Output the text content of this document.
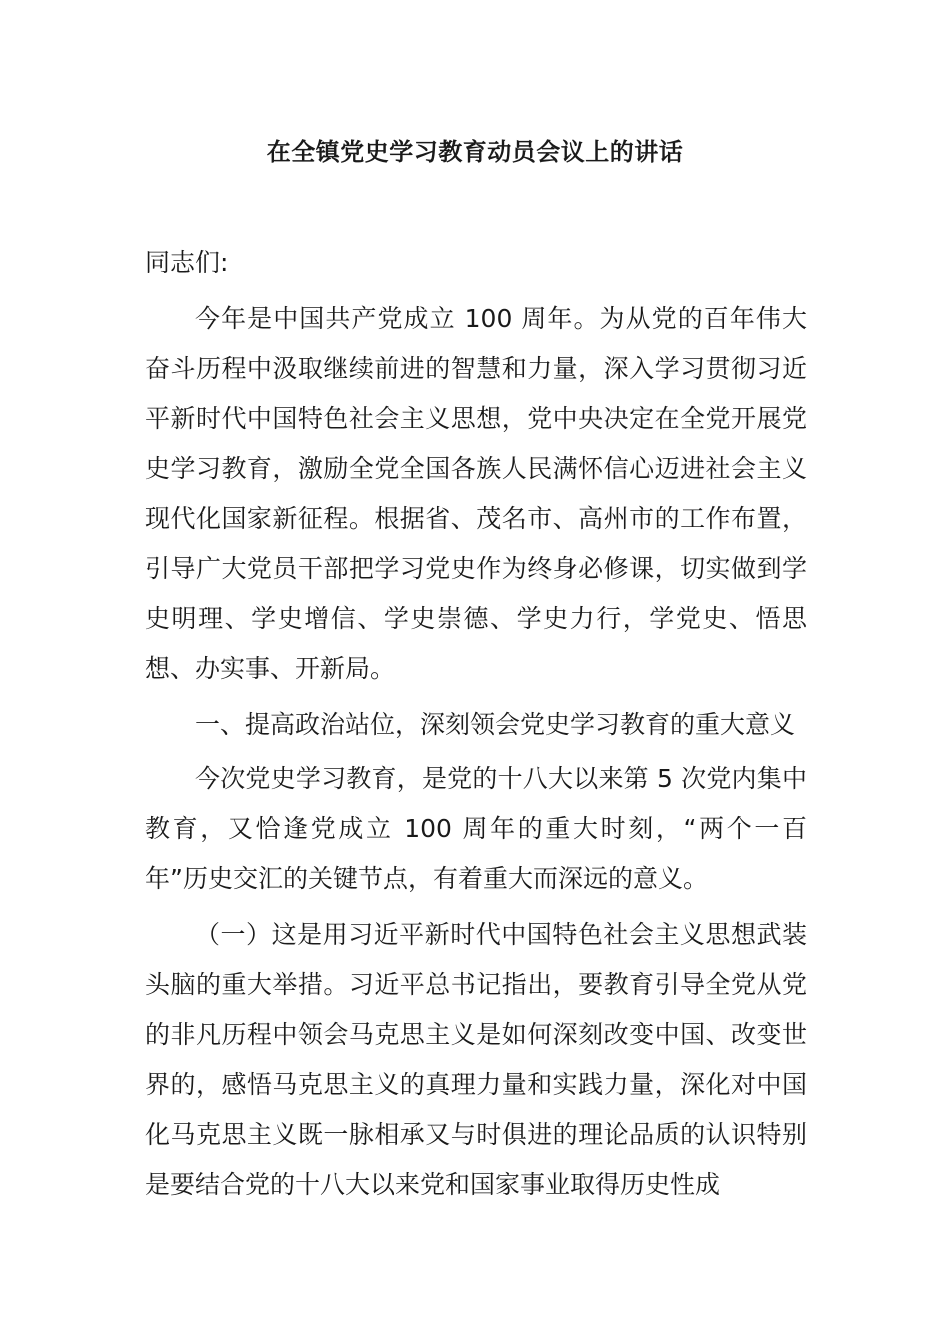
在全镇党史学习教育动员会议上的讲话

同志们:

今年是中国共产党成立 100 周年。为从党的百年伟大奋斗历程中汲取继续前进的智慧和力量，深入学习贯彻习近平新时代中国特色社会主义思想，党中央决定在全党开展党史学习教育，激励全党全国各族人民满怀信心迈进社会主义现代化国家新征程。根据省、茂名市、高州市的工作布置，引导广大党员干部把学习党史作为终身必修课，切实做到学史明理、学史增信、学史崇德、学史力行，学党史、悟思想、办实事、开新局。

一、提高政治站位，深刻领会党史学习教育的重大意义

今次党史学习教育，是党的十八大以来第 5 次党内集中教育，又恰逢党成立 100 周年的重大时刻，“两个一百年”历史交汇的关键节点，有着重大而深远的意义。

（一）这是用习近平新时代中国特色社会主义思想武装头脑的重大举措。习近平总书记指出，要教育引导全党从党的非凡历程中领会马克思主义是如何深刻改变中国、改变世界的，感悟马克思主义的真理力量和实践力量，深化对中国化马克思主义既一脉相承又与时俱进的理论品质的认识特别是要结合党的十八大以来党和国家事业取得历史性成
